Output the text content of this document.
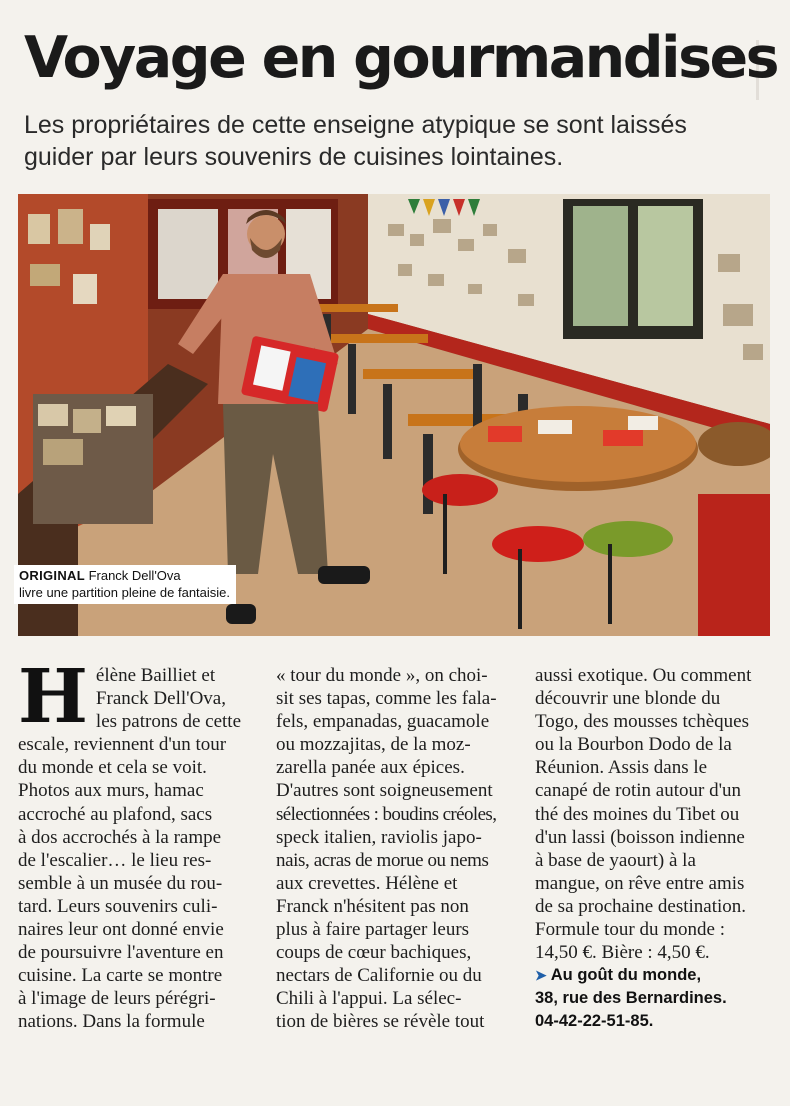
Voyage en gourmandises
Les propriétaires de cette enseigne atypique se sont laissés
guider par leurs souvenirs de cuisines lointaines.
ORIGINAL Franck Dell'Ova
livre une partition pleine de fantaisie.
H élène Bailliet et
Franck Dell'Ova,
les patrons de cette
escale, reviennent d'un tour
du monde et cela se voit.
Photos aux murs, hamac
accroché au plafond, sacs
à dos accrochés à la rampe
de l'escalier… le lieu res-
semble à un musée du rou-
tard. Leurs souvenirs culi-
naires leur ont donné envie
de poursuivre l'aventure en
cuisine. La carte se montre
à l'image de leurs pérégri-
nations. Dans la formule
« tour du monde », on choi-
sit ses tapas, comme les fala-
fels, empanadas, guacamole
ou mozzajitas, de la moz-
zarella panée aux épices.
D'autres sont soigneusement
sélectionnées : boudins créoles,
speck italien, raviolis japo-
nais, acras de morue ou nems
aux crevettes. Hélène et
Franck n'hésitent pas non
plus à faire partager leurs
coups de cœur bachiques,
nectars de Californie ou du
Chili à l'appui. La sélec-
tion de bières se révèle tout
aussi exotique. Ou comment
découvrir une blonde du
Togo, des mousses tchèques
ou la Bourbon Dodo de la
Réunion. Assis dans le
canapé de rotin autour d'un
thé des moines du Tibet ou
d'un lassi (boisson indienne
à base de yaourt) à la
mangue, on rêve entre amis
de sa prochaine destination.
Formule tour du monde :
14,50 €. Bière : 4,50 €.
➤ Au goût du monde,
38, rue des Bernardines.
04-42-22-51-85.
